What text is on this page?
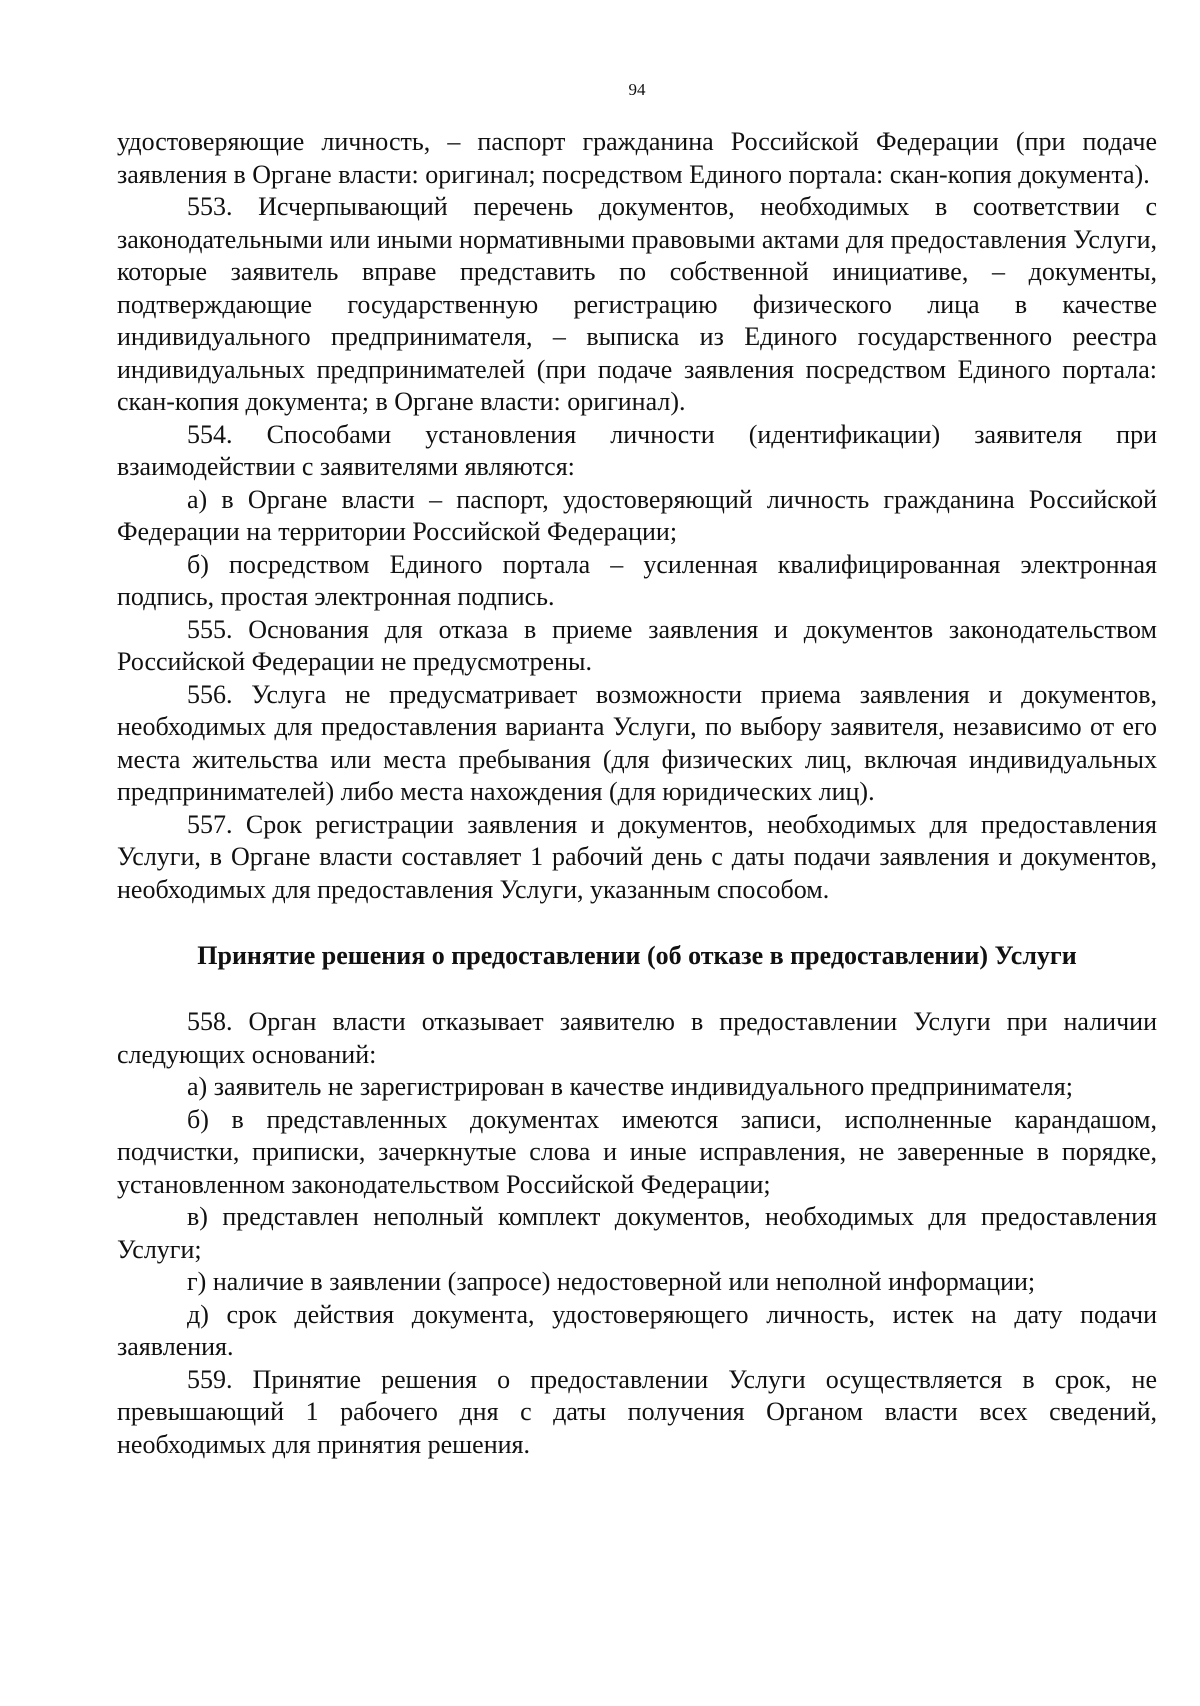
94

удостоверяющие личность, – паспорт гражданина Российской Федерации (при подаче заявления в Органе власти: оригинал; посредством Единого портала: скан-копия документа).

553. Исчерпывающий перечень документов, необходимых в соответствии с законодательными или иными нормативными правовыми актами для предоставления Услуги, которые заявитель вправе представить по собственной инициативе, – документы, подтверждающие государственную регистрацию физического лица в качестве индивидуального предпринимателя, – выписка из Единого государственного реестра индивидуальных предпринимателей (при подаче заявления посредством Единого портала: скан-копия документа; в Органе власти: оригинал).

554. Способами установления личности (идентификации) заявителя при взаимодействии с заявителями являются:

а) в Органе власти – паспорт, удостоверяющий личность гражданина Российской Федерации на территории Российской Федерации;

б) посредством Единого портала – усиленная квалифицированная электронная подпись, простая электронная подпись.

555. Основания для отказа в приеме заявления и документов законодательством Российской Федерации не предусмотрены.

556. Услуга не предусматривает возможности приема заявления и документов, необходимых для предоставления варианта Услуги, по выбору заявителя, независимо от его места жительства или места пребывания (для физических лиц, включая индивидуальных предпринимателей) либо места нахождения (для юридических лиц).

557. Срок регистрации заявления и документов, необходимых для предоставления Услуги, в Органе власти составляет 1 рабочий день с даты подачи заявления и документов, необходимых для предоставления Услуги, указанным способом.

Принятие решения о предоставлении (об отказе в предоставлении) Услуги

558. Орган власти отказывает заявителю в предоставлении Услуги при наличии следующих оснований:

а) заявитель не зарегистрирован в качестве индивидуального предпринимателя;

б) в представленных документах имеются записи, исполненные карандашом, подчистки, приписки, зачеркнутые слова и иные исправления, не заверенные в порядке, установленном законодательством Российской Федерации;

в) представлен неполный комплект документов, необходимых для предоставления Услуги;

г) наличие в заявлении (запросе) недостоверной или неполной информации;

д) срок действия документа, удостоверяющего личность, истек на дату подачи заявления.

559. Принятие решения о предоставлении Услуги осуществляется в срок, не превышающий 1 рабочего дня с даты получения Органом власти всех сведений, необходимых для принятия решения.
